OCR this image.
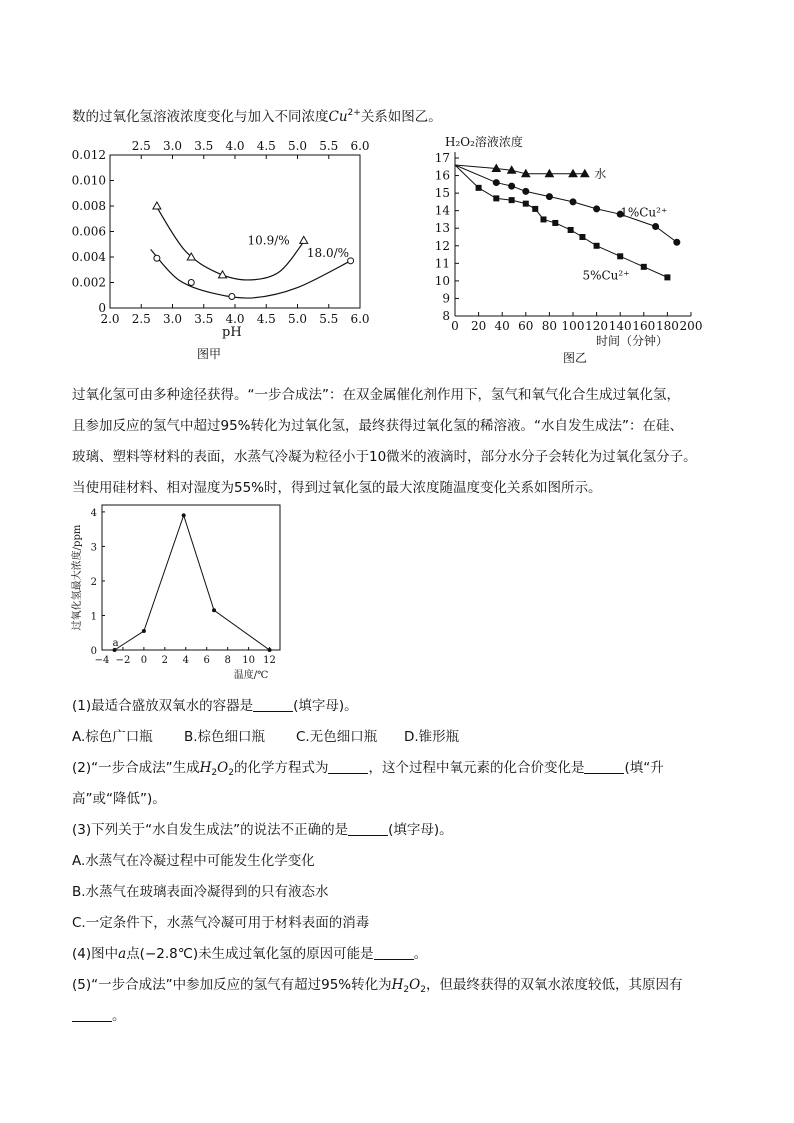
数的过氧化氢溶液浓度变化与加入不同浓度$Cu^{2+}$关系如图乙。
2.0 2.5 3.0 3.5 4.0 4.5 5.0 5.5 6.0
2.5 3.0 3.5 4.0 4.5 5.0 5.5 6.0
0
0.002
0.004
0.006
0.008
0.010
0.012
pH
10.9/%
18.0/%
图甲
0 20 40 60 80 100 120 140 160 180 200
8
9
10
11
12
13
14
15
16
17
H₂O₂溶液浓度
时间（分钟）
水
1%Cu²⁺
5%Cu²⁺
图乙
过氧化氢可由多种途径获得。“一步合成法”：在双金属催化剂作用下，氢气和氧气化合生成过氧化氢，
且参加反应的氢气中超过95%转化为过氧化氢，最终获得过氧化氢的稀溶液。“水自发生成法”：在硅、
玻璃、塑料等材料的表面，水蒸气冷凝为粒径小于10微米的液滴时，部分水分子会转化为过氧化氢分子。
当使用硅材料、相对湿度为55%时，得到过氧化氢的最大浓度随温度变化关系如图所示。
−4 −2 0 2 4 6 8 10 12
0
1
2
3
4
过氧化氢最大浓度/ppm
温度/℃
a
(1)最适合盛放双氧水的容器是	(填字母)。
A.棕色广口瓶 B.棕色细口瓶 C.无色细口瓶 D.锥形瓶
(2)“一步合成法”生成$H_2O_2$的化学方程式为	，这个过程中氧元素的化合价变化是	(填“升
高”或“降低”)。
(3)下列关于“水自发生成法”的说法不正确的是	(填字母)。
A.水蒸气在冷凝过程中可能发生化学变化
B.水蒸气在玻璃表面冷凝得到的只有液态水
C.一定条件下，水蒸气冷凝可用于材料表面的消毒
(4)图中a点(−2.8℃)未生成过氧化氢的原因可能是	。
(5)“一步合成法”中参加反应的氢气有超过95%转化为$H_2O_2$，但最终获得的双氧水浓度较低，其原因有
。
